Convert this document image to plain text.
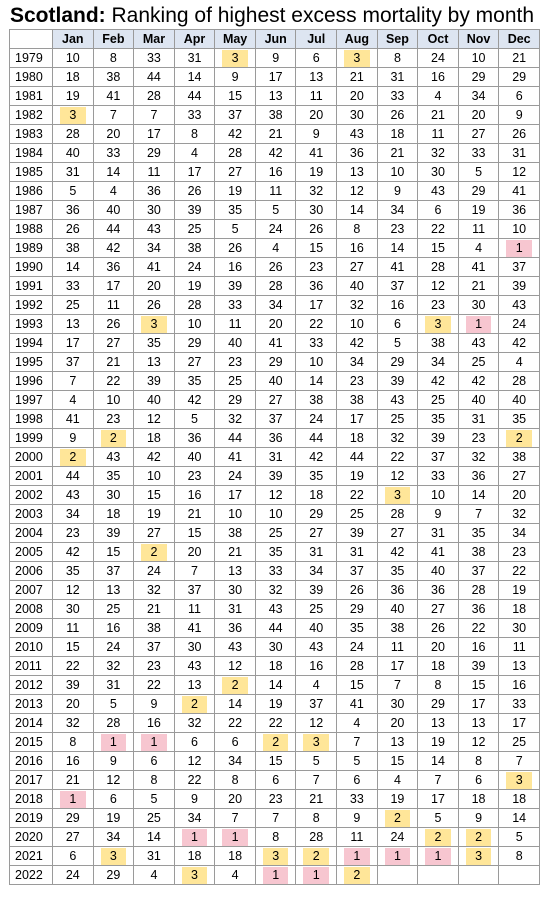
Scotland: Ranking of highest excess mortality by month
	Jan	Feb	Mar	Apr	May	Jun	Jul	Aug	Sep	Oct	Nov	Dec
1979	10	8	33	31	3	9	6	3	8	24	10	21

1980	18	38	44	14	9	17	13	21	31	16	29	29

1981	19	41	28	44	15	13	11	20	33	4	34	6

1982	3	7	7	33	37	38	20	30	26	21	20	9

1983	28	20	17	8	42	21	9	43	18	11	27	26

1984	40	33	29	4	28	42	41	36	21	32	33	31

1985	31	14	11	17	27	16	19	13	10	30	5	12

1986	5	4	36	26	19	11	32	12	9	43	29	41

1987	36	40	30	39	35	5	30	14	34	6	19	36

1988	26	44	43	25	5	24	26	8	23	22	11	10

1989	38	42	34	38	26	4	15	16	14	15	4	1

1990	14	36	41	24	16	26	23	27	41	28	41	37

1991	33	17	20	19	39	28	36	40	37	12	21	39

1992	25	11	26	28	33	34	17	32	16	23	30	43

1993	13	26	3	10	11	20	22	10	6	3	1	24

1994	17	27	35	29	40	41	33	42	5	38	43	42

1995	37	21	13	27	23	29	10	34	29	34	25	4

1996	7	22	39	35	25	40	14	23	39	42	42	28

1997	4	10	40	42	29	27	38	38	43	25	40	40

1998	41	23	12	5	32	37	24	17	25	35	31	35

1999	9	2	18	36	44	36	44	18	32	39	23	2

2000	2	43	42	40	41	31	42	44	22	37	32	38

2001	44	35	10	23	24	39	35	19	12	33	36	27

2002	43	30	15	16	17	12	18	22	3	10	14	20

2003	34	18	19	21	10	10	29	25	28	9	7	32

2004	23	39	27	15	38	25	27	39	27	31	35	34

2005	42	15	2	20	21	35	31	31	42	41	38	23

2006	35	37	24	7	13	33	34	37	35	40	37	22

2007	12	13	32	37	30	32	39	26	36	36	28	19

2008	30	25	21	11	31	43	25	29	40	27	36	18

2009	11	16	38	41	36	44	40	35	38	26	22	30

2010	15	24	37	30	43	30	43	24	11	20	16	11

2011	22	32	23	43	12	18	16	28	17	18	39	13

2012	39	31	22	13	2	14	4	15	7	8	15	16

2013	20	5	9	2	14	19	37	41	30	29	17	33

2014	32	28	16	32	22	22	12	4	20	13	13	17

2015	8	1	1	6	6	2	3	7	13	19	12	25

2016	16	9	6	12	34	15	5	5	15	14	8	7

2017	21	12	8	22	8	6	7	6	4	7	6	3

2018	1	6	5	9	20	23	21	33	19	17	18	18

2019	29	19	25	34	7	7	8	9	2	5	9	14

2020	27	34	14	1	1	8	28	11	24	2	2	5

2021	6	3	31	18	18	3	2	1	1	1	3	8

2022	24	29	4	3	4	1	1	2				
